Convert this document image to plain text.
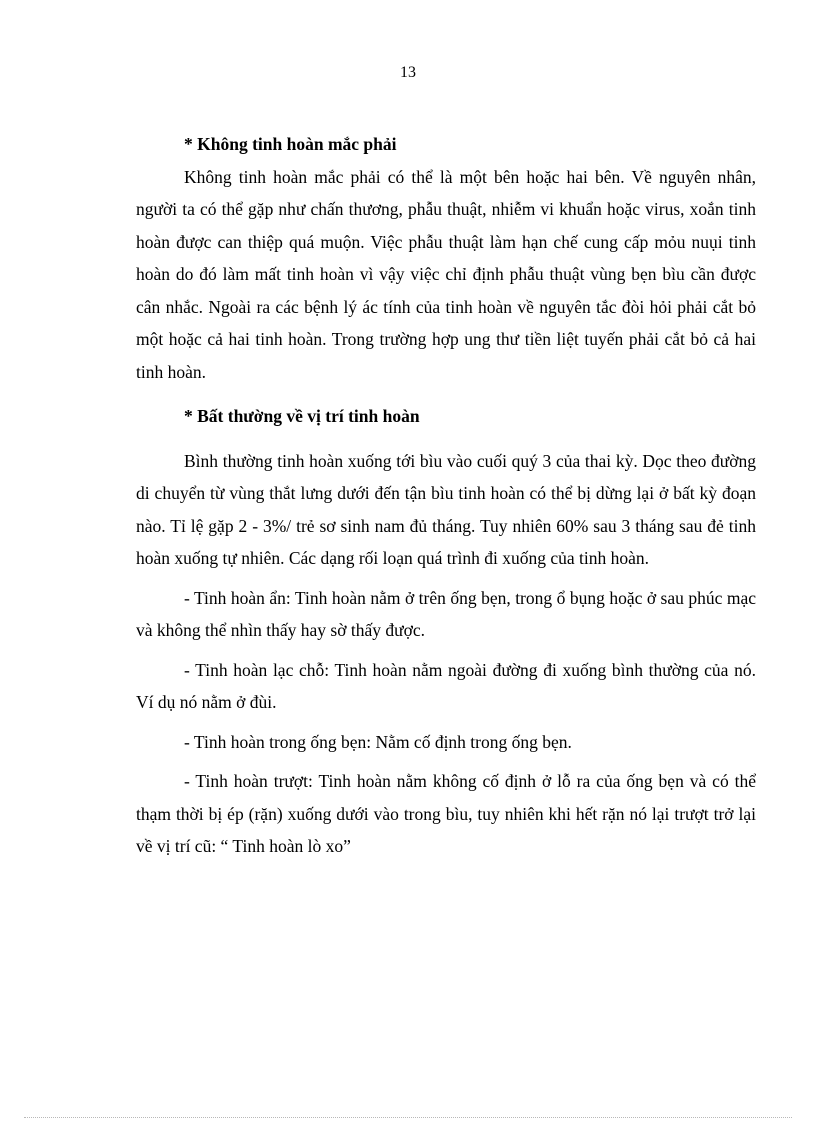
13

* Không tinh hoàn mắc phải

Không tinh hoàn mắc phải có thể là một bên hoặc hai bên. Về nguyên nhân, người ta có thể gặp như chấn thương, phẫu thuật, nhiễm vi khuẩn hoặc virus, xoắn tinh hoàn được can thiệp quá muộn. Việc phẫu thuật làm hạn chế cung cấp mỏu nuụi tinh hoàn do đó làm mất tinh hoàn vì vậy việc chỉ định phẫu thuật vùng bẹn bìu cần được cân nhắc. Ngoài ra các bệnh lý ác tính của tinh hoàn về nguyên tắc đòi hỏi phải cắt bỏ một hoặc cả hai tinh hoàn. Trong trường hợp ung thư tiền liệt tuyến phải cắt bỏ cả hai tinh hoàn.

* Bất thường về vị trí tinh hoàn

Bình thường tinh hoàn xuống tới bìu vào cuối quý 3 của thai kỳ. Dọc theo đường di chuyển từ vùng thắt lưng dưới đến tận bìu tinh hoàn có thể bị dừng lại ở bất kỳ đoạn nào. Tỉ lệ gặp 2 - 3%/ trẻ sơ sinh nam đủ tháng. Tuy nhiên 60% sau 3 tháng sau đẻ tinh hoàn xuống tự nhiên. Các dạng rối loạn quá trình đi xuống của tinh hoàn.

- Tinh hoàn ẩn: Tinh hoàn nằm ở trên ống bẹn, trong ổ bụng hoặc ở sau phúc mạc và không thể nhìn thấy hay sờ thấy được.

- Tinh hoàn lạc chỗ: Tinh hoàn nằm ngoài đường đi xuống bình thường của nó. Ví dụ nó nằm ở đùi.

- Tinh hoàn trong ống bẹn: Nằm cố định trong ống bẹn.

- Tinh hoàn trượt: Tinh hoàn nằm không cố định ở lỗ ra của ống bẹn và có thể thạm thời bị ép (rặn) xuống dưới vào trong bìu, tuy nhiên khi hết rặn nó lại trượt trở lại về vị trí cũ: “ Tinh hoàn lò xo”
